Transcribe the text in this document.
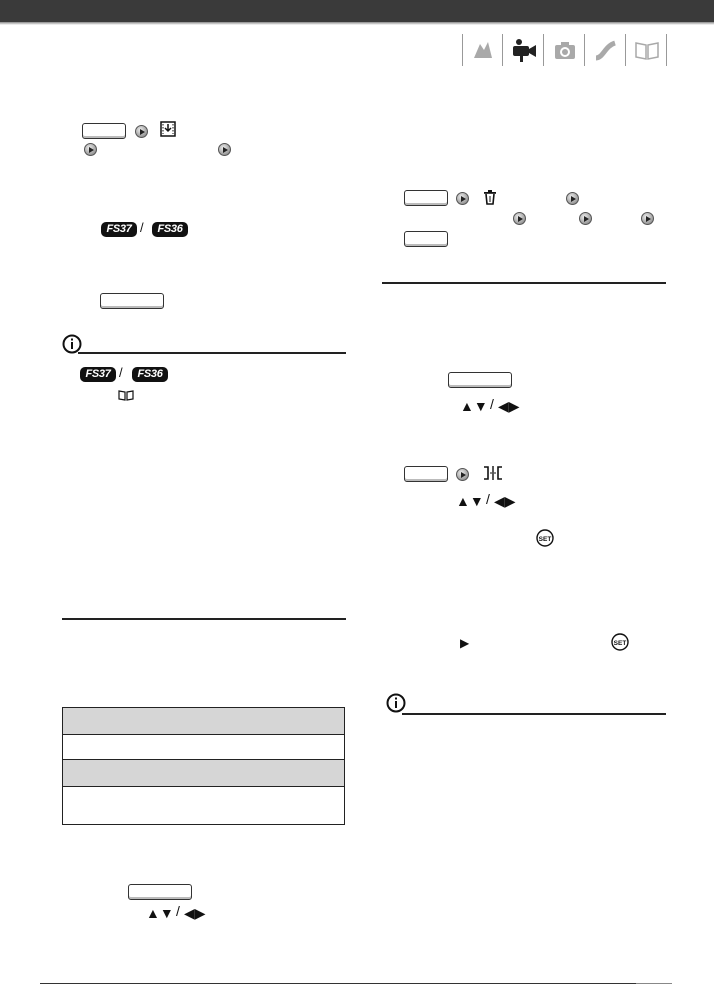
FS37 /	FS36
FS37 /	FS36
▲▼ / ◀▶
▲▼ / ◀▶
▲▼ / ◀▶
SET
▶	SET
